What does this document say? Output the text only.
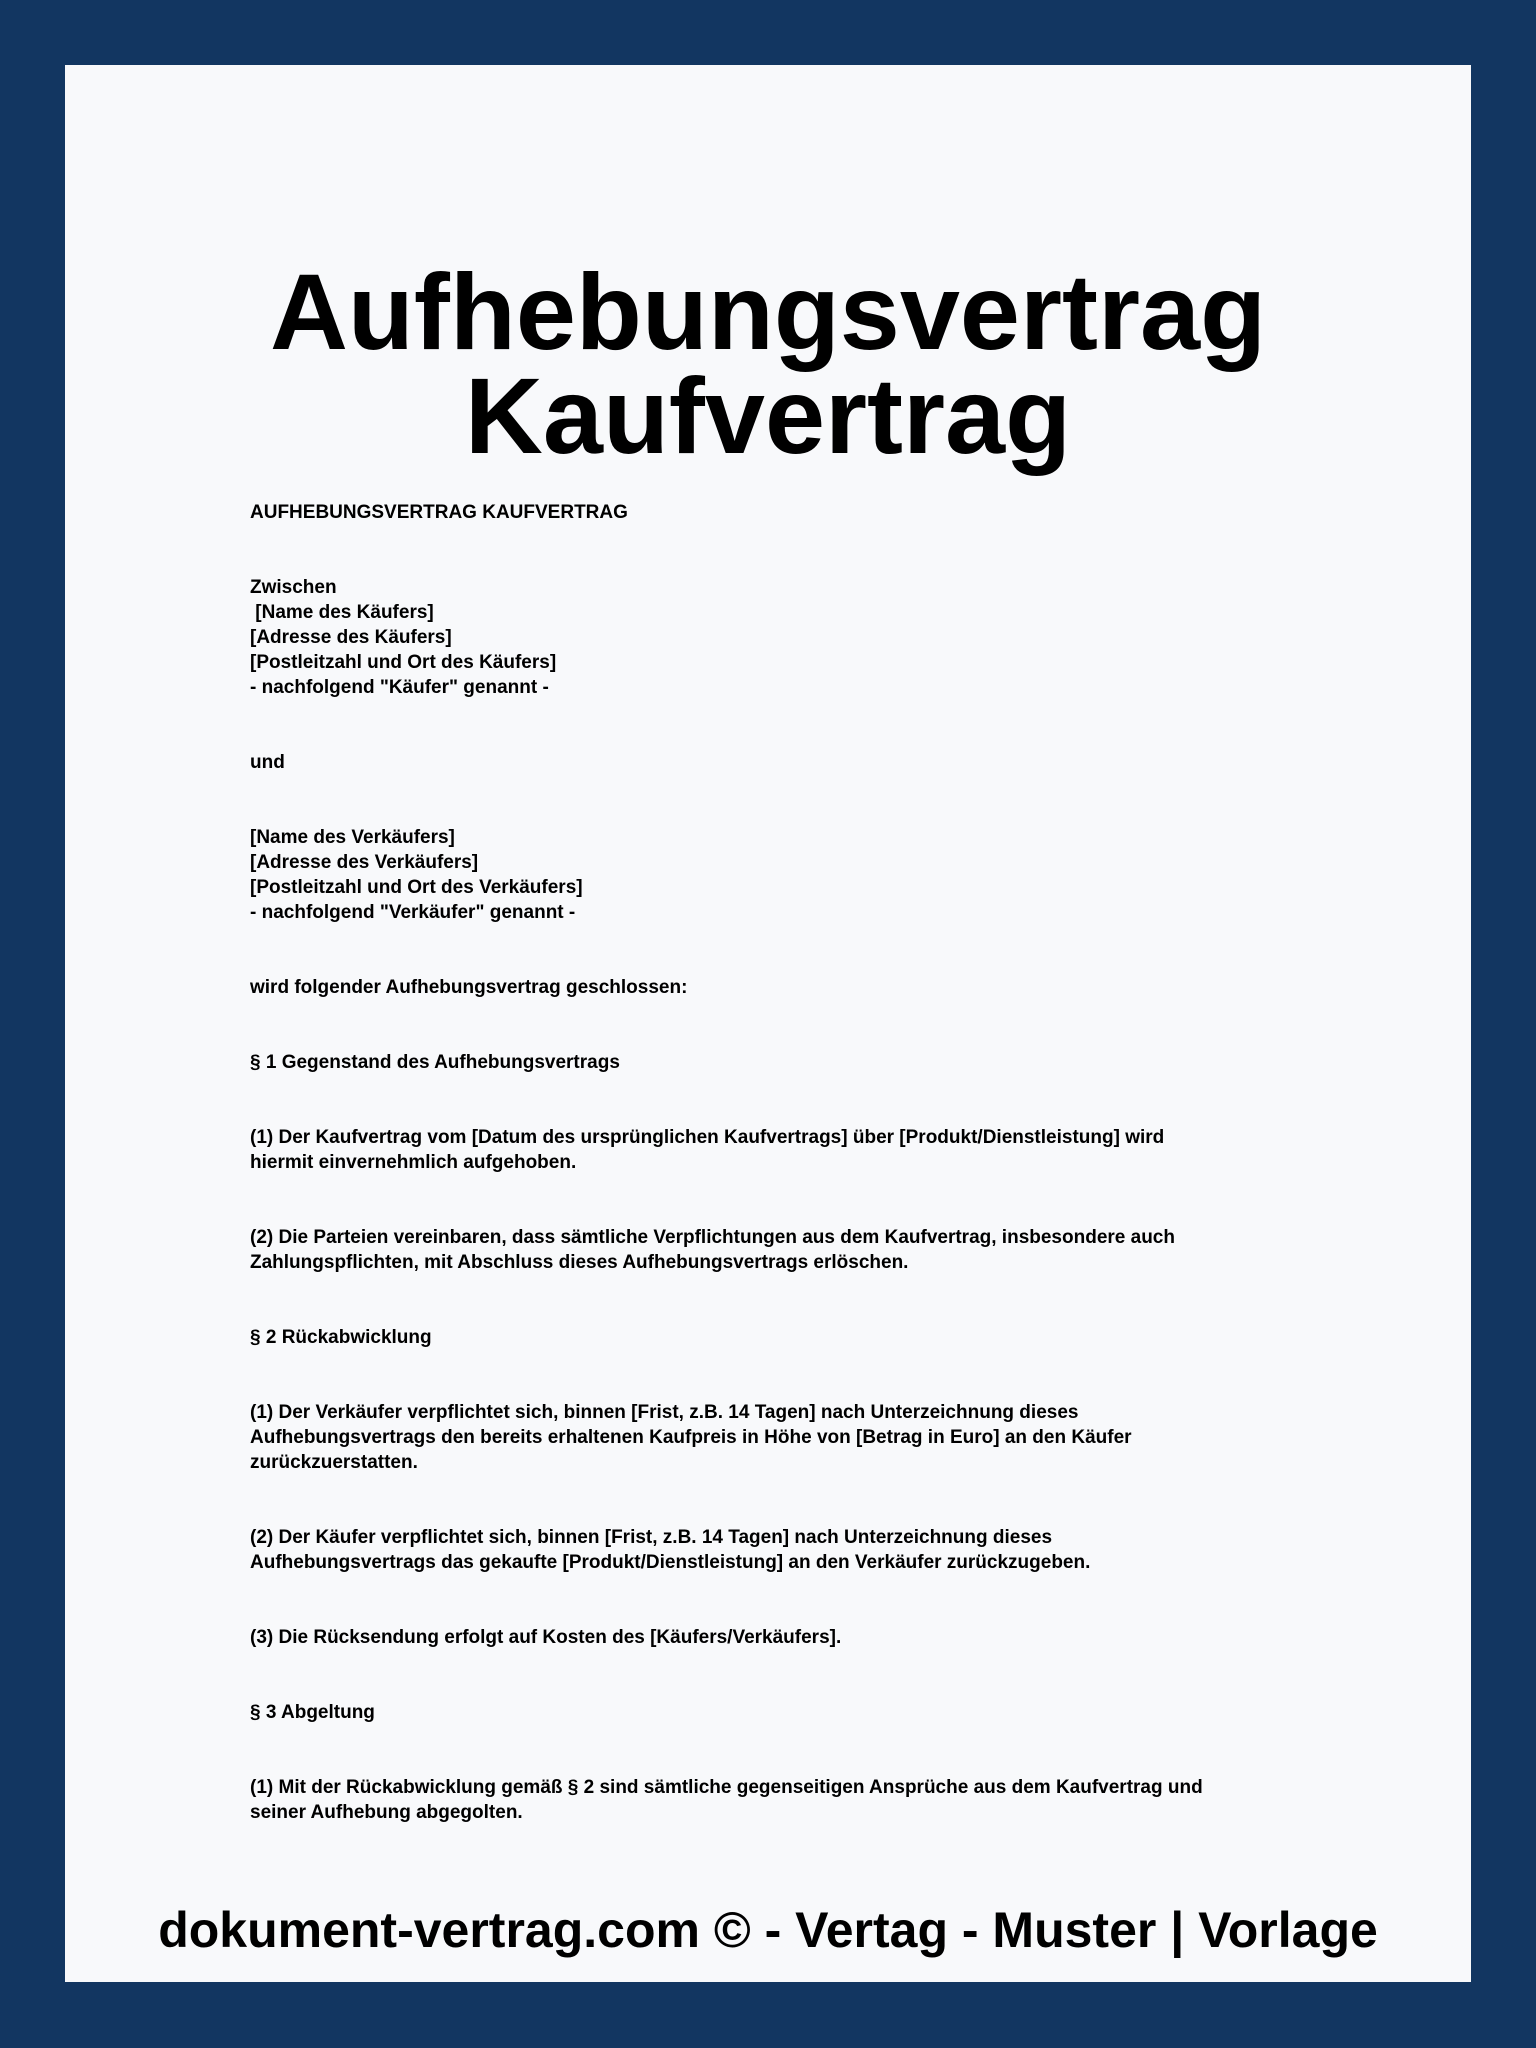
Aufhebungsvertrag
Kaufvertrag
AUFHEBUNGSVERTRAG KAUFVERTRAG
Zwischen
[Name des Käufers]
[Adresse des Käufers]
[Postleitzahl und Ort des Käufers]
- nachfolgend "Käufer" genannt -
und
[Name des Verkäufers]
[Adresse des Verkäufers]
[Postleitzahl und Ort des Verkäufers]
- nachfolgend "Verkäufer" genannt -
wird folgender Aufhebungsvertrag geschlossen:
§ 1 Gegenstand des Aufhebungsvertrags
(1) Der Kaufvertrag vom [Datum des ursprünglichen Kaufvertrags] über [Produkt/Dienstleistung] wird
hiermit einvernehmlich aufgehoben.
(2) Die Parteien vereinbaren, dass sämtliche Verpflichtungen aus dem Kaufvertrag, insbesondere auch
Zahlungspflichten, mit Abschluss dieses Aufhebungsvertrags erlöschen.
§ 2 Rückabwicklung
(1) Der Verkäufer verpflichtet sich, binnen [Frist, z.B. 14 Tagen] nach Unterzeichnung dieses
Aufhebungsvertrags den bereits erhaltenen Kaufpreis in Höhe von [Betrag in Euro] an den Käufer
zurückzuerstatten.
(2) Der Käufer verpflichtet sich, binnen [Frist, z.B. 14 Tagen] nach Unterzeichnung dieses
Aufhebungsvertrags das gekaufte [Produkt/Dienstleistung] an den Verkäufer zurückzugeben.
(3) Die Rücksendung erfolgt auf Kosten des [Käufers/Verkäufers].
§ 3 Abgeltung
(1) Mit der Rückabwicklung gemäß § 2 sind sämtliche gegenseitigen Ansprüche aus dem Kaufvertrag und
seiner Aufhebung abgegolten.
dokument-vertrag.com © - Vertag - Muster | Vorlage
